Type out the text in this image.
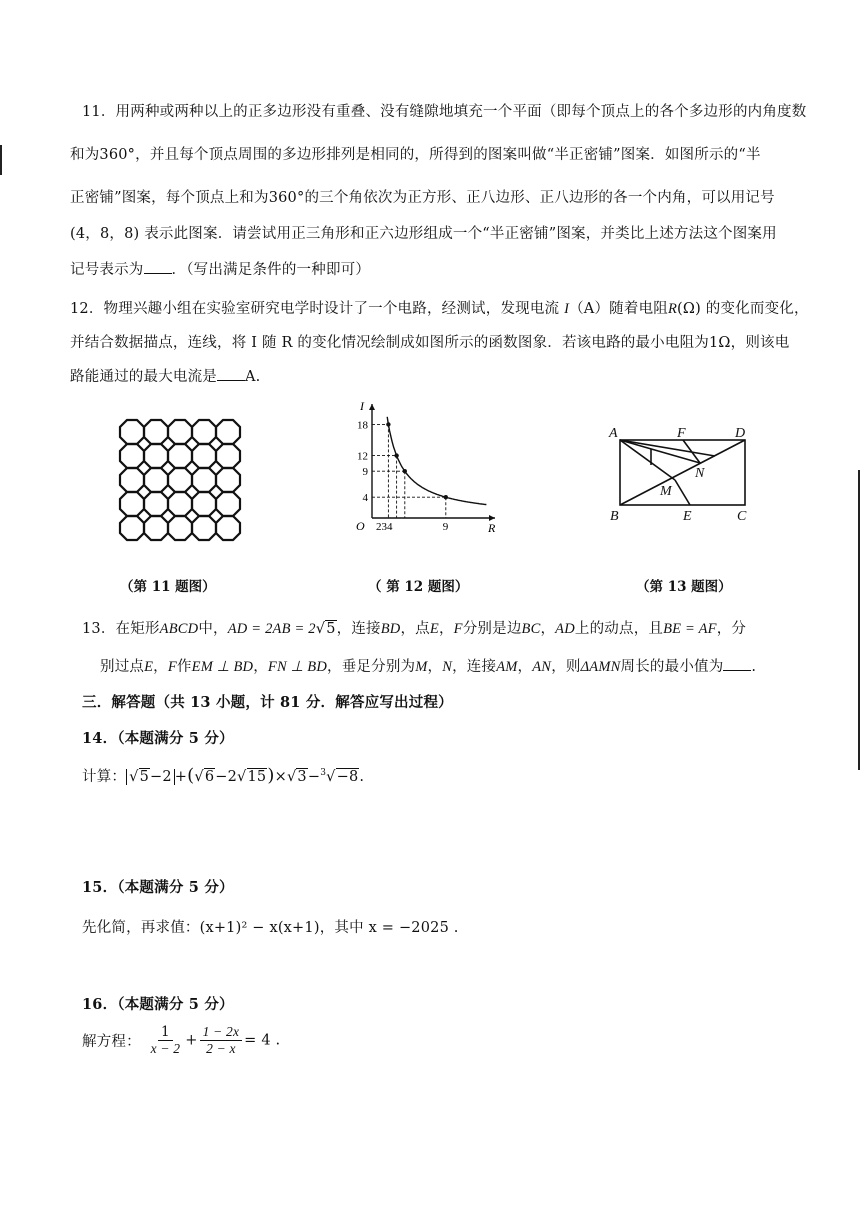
11．用两种或两种以上的正多边形没有重叠、没有缝隙地填充一个平面（即每个顶点上的各个多边形的内角度数
和为360°，并且每个顶点周围的多边形排列是相同的，所得到的图案叫做“半正密铺”图案．如图所示的“半
正密铺”图案，每个顶点上和为360°的三个角依次为正方形、正八边形、正八边形的各一个内角，可以用记号
(4，8，8) 表示此图案．请尝试用正三角形和正六边形组成一个“半正密铺”图案，并类比上述方法这个图案用
记号表示为 ．（写出满足条件的一种即可）
12．物理兴趣小组在实验室研究电学时设计了一个电路，经测试，发现电流 I（A）随着电阻R(Ω) 的变化而变化，
并结合数据描点，连线，将 I 随 R 的变化情况绘制成如图所示的函数图象．若该电路的最小电阻为1Ω，则该电
路能通过的最大电流是 A.
18
12
9
4
234	9
O
I
R
A	F	D
N
M
B	E	C
（第 11 题图）	（ 第 12 题图）	（第 13 题图）
13．在矩形ABCD中，AD = 2AB = 2√5，连接BD，点E，F分别是边BC，AD上的动点，且BE = AF，分
别过点E，F作EM ⊥ BD，FN ⊥ BD，垂足分别为M，N，连接AM，AN，则ΔAMN周长的最小值为 .
三．解答题（共 13 小题，计 81 分．解答应写出过程）
14．（本题满分 5 分）
计算： √5−2 +(√6−2√15)×√3−$^3$√−8.
15．（本题满分 5 分）
先化简，再求值：(x+1)² − x(x+1)，其中 x = −2025 .
16．（本题满分 5 分）
解方程： $\frac{1}{x - 2} + \frac{1 - 2x}{2 - x} = 4$ .
